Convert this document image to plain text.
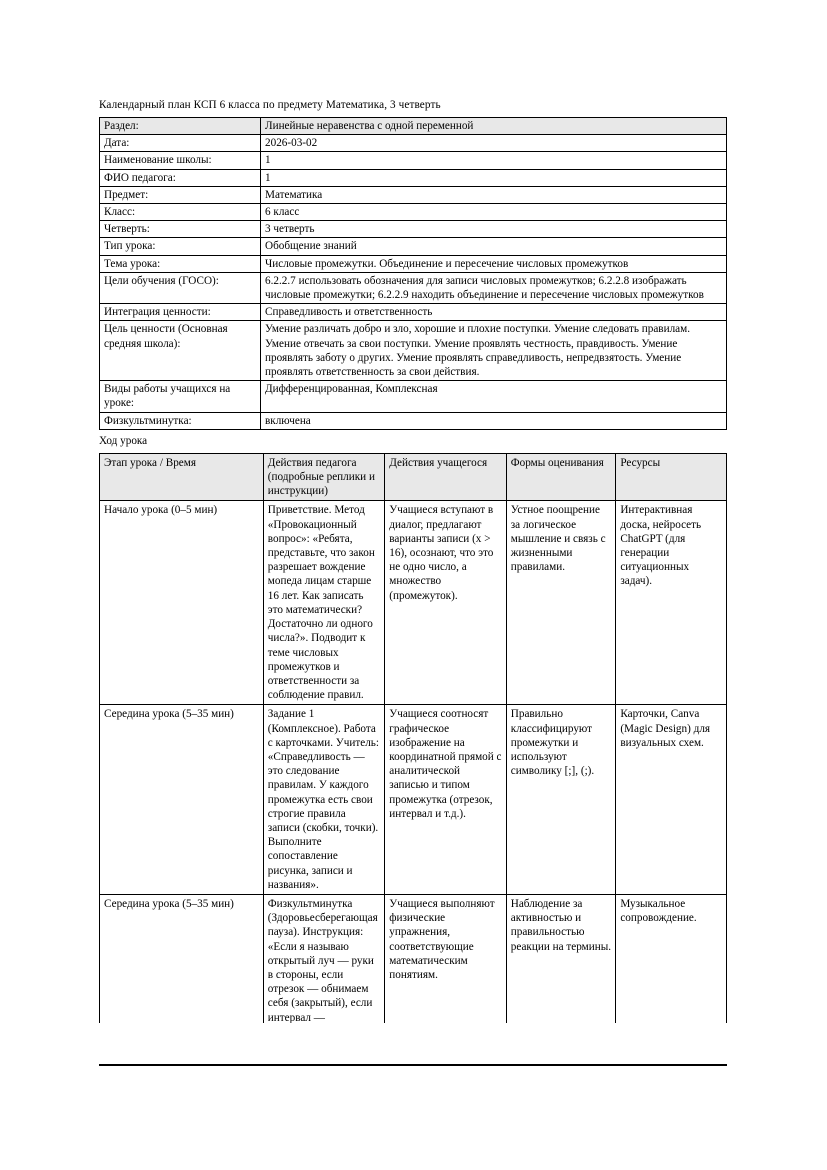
Календарный план КСП 6 класса по предмету Математика, 3 четверть

Раздел:	Линейные неравенства с одной переменной
Дата:	2026-03-02
Наименование школы:	1
ФИО педагога:	1
Предмет:	Математика
Класс:	6 класс
Четверть:	3 четверть
Тип урока:	Обобщение знаний
Тема урока:	Числовые промежутки. Объединение и пересечение числовых промежутков
Цели обучения (ГОСО):	6.2.2.7 использовать обозначения для записи числовых промежутков; 6.2.2.8 изображать числовые промежутки; 6.2.2.9 находить объединение и пересечение числовых промежутков
Интеграция ценности:	Справедливость и ответственность
Цель ценности (Основная средняя школа):	Умение различать добро и зло, хорошие и плохие поступки. Умение следовать правилам. Умение отвечать за свои поступки. Умение проявлять честность, правдивость. Умение проявлять заботу о других. Умение проявлять справедливость, непредвзятость. Умение проявлять ответственность за свои действия.
Виды работы учащихся на уроке:	Дифференцированная, Комплексная
Физкультминутка:	включена

Ход урока

Этап урока / Время	Действия педагога (подробные реплики и инструкции)	Действия учащегося	Формы оценивания	Ресурсы
Начало урока (0–5 мин)	Приветствие. Метод «Провокационный вопрос»: «Ребята, представьте, что закон разрешает вождение мопеда лицам старше 16 лет. Как записать это математически? Достаточно ли одного числа?». Подводит к теме числовых промежутков и ответственности за соблюдение правил.	Учащиеся вступают в диалог, предлагают варианты записи (x > 16), осознают, что это не одно число, а множество (промежуток).	Устное поощрение за логическое мышление и связь с жизненными правилами.	Интерактивная доска, нейросеть ChatGPT (для генерации ситуационных задач).
Середина урока (5–35 мин)	Задание 1 (Комплексное). Работа с карточками. Учитель: «Справедливость — это следование правилам. У каждого промежутка есть свои строгие правила записи (скобки, точки). Выполните сопоставление рисунка, записи и названия».	Учащиеся соотносят графическое изображение на координатной прямой с аналитической записью и типом промежутка (отрезок, интервал и т.д.).	Правильно классифицируют промежутки и используют символику [;], (;).	Карточки, Canva (Magic Design) для визуальных схем.
Середина урока (5–35 мин)	Физкультминутка (Здоровьесберегающая пауза). Инструкция: «Если я называю открытый луч — руки в стороны, если отрезок — обнимаем себя (закрытый), если интервал —	Учащиеся выполняют физические упражнения, соответствующие математическим понятиям.	Наблюдение за активностью и правильностью реакции на термины.	Музыкальное сопровождение.
